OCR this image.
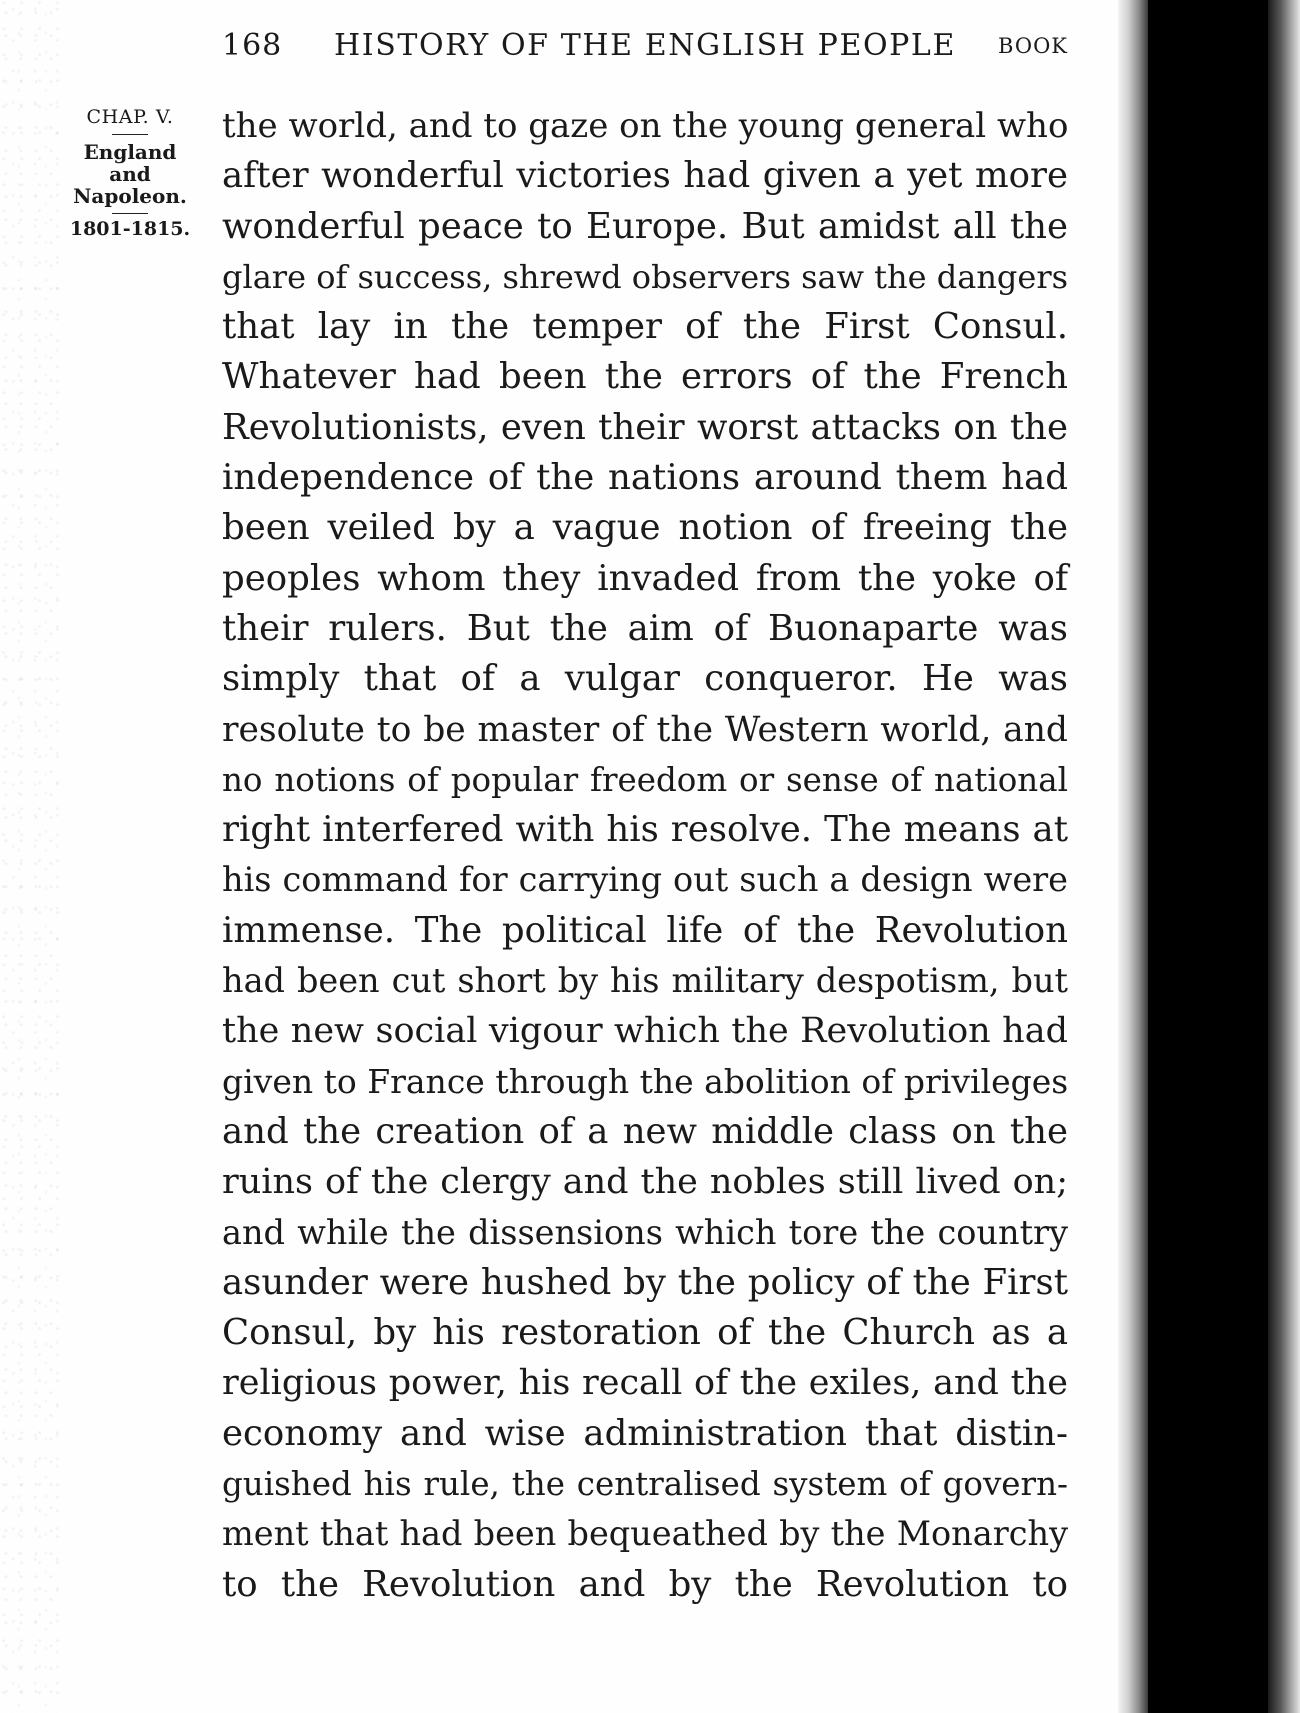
168 HISTORY OF THE ENGLISH PEOPLE BOOK
CHAP. V.
England
and
Napoleon.
1801-1815.
the world, and to gaze on the young general who
after wonderful victories had given a yet more
wonderful peace to Europe. But amidst all the
glare of success, shrewd observers saw the dangers
that lay in the temper of the First Consul.
Whatever had been the errors of the French
Revolutionists, even their worst attacks on the
independence of the nations around them had
been veiled by a vague notion of freeing the
peoples whom they invaded from the yoke of
their rulers. But the aim of Buonaparte was
simply that of a vulgar conqueror. He was
resolute to be master of the Western world, and
no notions of popular freedom or sense of national
right interfered with his resolve. The means at
his command for carrying out such a design were
immense. The political life of the Revolution
had been cut short by his military despotism, but
the new social vigour which the Revolution had
given to France through the abolition of privileges
and the creation of a new middle class on the
ruins of the clergy and the nobles still lived on;
and while the dissensions which tore the country
asunder were hushed by the policy of the First
Consul, by his restoration of the Church as a
religious power, his recall of the exiles, and the
economy and wise administration that distin-
guished his rule, the centralised system of govern-
ment that had been bequeathed by the Monarchy
to the Revolution and by the Revolution to
